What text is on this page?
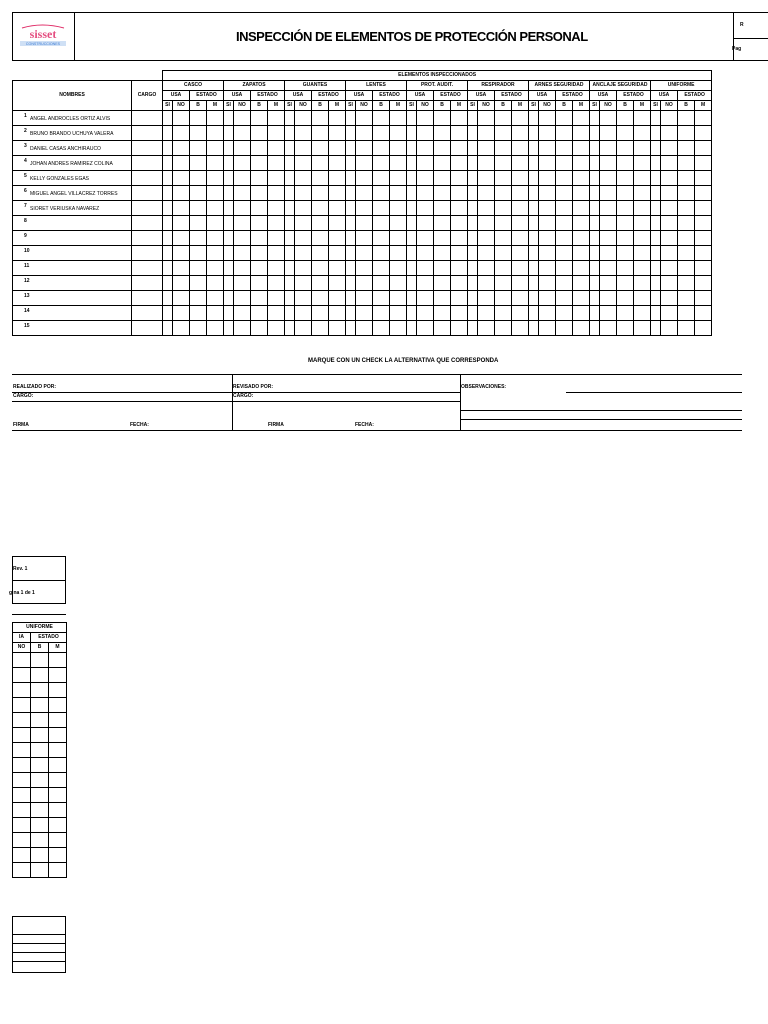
sisset
CONSTRUCCIONES	INSPECCIÓN DE ELEMENTOS DE PROTECCIÓN PERSONAL
R
Pag
		ELEMENTOS INSPECCIONADOS																																			
NOMBRES	CARGO	CASCO				ZAPATOS				GUANTES				LENTES				PROT. AUDIT.				RESPIRADOR				ARNES SEGURIDAD				ANCLAJE SEGURIDAD				UNIFORME			
		USA		ESTADO		USA		ESTADO		USA		ESTADO		USA		ESTADO		USA		ESTADO		USA		ESTADO		USA		ESTADO		USA		ESTADO		USA		ESTADO	
		SI	NO	B	M	SI	NO	B	M	SI	NO	B	M	SI	NO	B	M	SI	NO	B	M	SI	NO	B	M	SI	NO	B	M	SI	NO	B	M	SI	NO	B	M

1 ANGEL ANDROCLES ORTIZ ALVIS																																					

2 BRUNO BRANDO UCHUYA VALERA																																					

3 DANIEL CASAS ANCHIRAUCO																																					

4 JOHAN ANDRES RAMIREZ COLINA																																					

5 KELLY GONZALES EGAS																																					

6 MIGUEL ANGEL VILLACREZ TORRES																																					

7 SIORET VERIUSKA NAVAREZ																																					

8																																					

9																																					

10																																					

11																																					

12																																					

13																																					

14																																					

15																																					

MARQUE CON UN CHECK LA ALTERNATIVA QUE CORRESPONDA
REALIZADO POR:
CARGO:
FIRMA	FECHA:
REVISADO POR:
CARGO:
FIRMA	FECHA:
OBSERVACIONES:
Rev. 1
gina 1 de 1
UNIFORME		
IA	ESTADO	
NO	B	M
